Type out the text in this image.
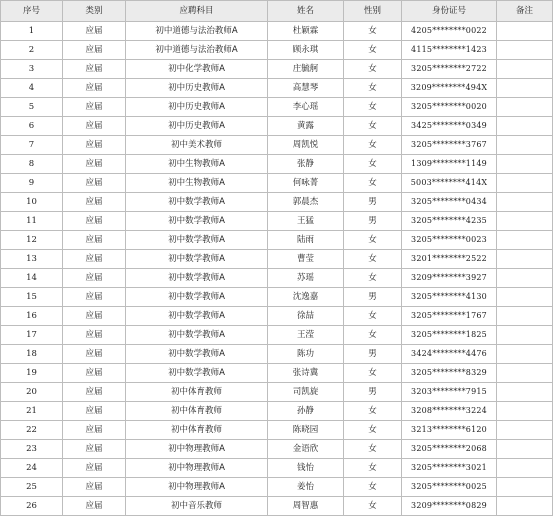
序号	类别	应聘科目	姓名	性别	身份证号	备注
1	应届	初中道德与法治教师A	杜颖霖	女	4205********0022	
2	应届	初中道德与法治教师A	顾永琪	女	4115********1423	
3	应届	初中化学教师A	庄毓舸	女	3205********2722	
4	应届	初中历史教师A	高慧琴	女	3209********494X	
5	应届	初中历史教师A	李心瑶	女	3205********0020	
6	应届	初中历史教师A	黄露	女	3425********0349	
7	应届	初中美术教师	周凯悦	女	3205********3767	
8	应届	初中生物教师A	张静	女	1309********1149	
9	应届	初中生物教师A	何咏菁	女	5003********414X	
10	应届	初中数学教师A	郭晨杰	男	3205********0434	
11	应届	初中数学教师A	王猛	男	3205********4235	
12	应届	初中数学教师A	陆雨	女	3205********0023	
13	应届	初中数学教师A	曹莹	女	3201********2522	
14	应届	初中数学教师A	苏瑶	女	3209********3927	
15	应届	初中数学教师A	沈逸嘉	男	3205********4130	
16	应届	初中数学教师A	徐喆	女	3205********1767	
17	应届	初中数学教师A	王滢	女	3205********1825	
18	应届	初中数学教师A	陈功	男	3424********4476	
19	应届	初中数学教师A	张诗冀	女	3205********8329	
20	应届	初中体育教师	司凯旋	男	3203********7915	
21	应届	初中体育教师	孙静	女	3208********3224	
22	应届	初中体育教师	陈晓园	女	3213********6120	
23	应届	初中物理教师A	金语欣	女	3205********2068	
24	应届	初中物理教师A	钱怡	女	3205********3021	
25	应届	初中物理教师A	姜怡	女	3205********0025	
26	应届	初中音乐教师	周智惠	女	3209********0829	
